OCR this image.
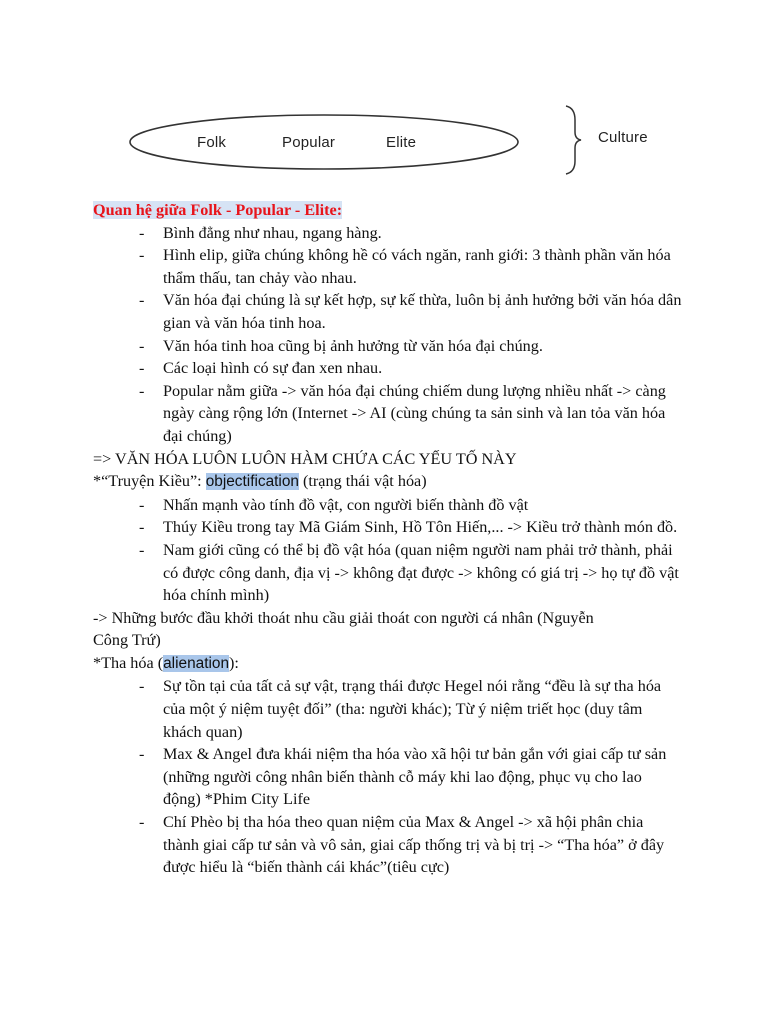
Folk	Popular	Elite	Culture
Quan hệ giữa Folk - Popular - Elite:
- Bình đẳng như nhau, ngang hàng.
- Hình elip, giữa chúng không hề có vách ngăn, ranh giới: 3 thành phần văn hóa thẩm thấu, tan chảy vào nhau.
- Văn hóa đại chúng là sự kết hợp, sự kế thừa, luôn bị ảnh hưởng bởi văn hóa dân gian và văn hóa tinh hoa.
- Văn hóa tinh hoa cũng bị ảnh hưởng từ văn hóa đại chúng.
- Các loại hình có sự đan xen nhau.
- Popular nằm giữa -> văn hóa đại chúng chiếm dung lượng nhiều nhất -> càng ngày càng rộng lớn (Internet -> AI (cùng chúng ta sản sinh và lan tỏa văn hóa đại chúng)
=> VĂN HÓA LUÔN LUÔN HÀM CHỨA CÁC YẾU TỐ NÀY
*“Truyện Kiều”: objectification (trạng thái vật hóa)
- Nhấn mạnh vào tính đồ vật, con người biến thành đồ vật
- Thúy Kiều trong tay Mã Giám Sinh, Hồ Tôn Hiến,... -> Kiều trở thành món đồ.
- Nam giới cũng có thể bị đồ vật hóa (quan niệm người nam phải trở thành, phải có được công danh, địa vị -> không đạt được -> không có giá trị -> họ tự đồ vật hóa chính mình)
-> Những bước đầu khởi thoát nhu cầu giải thoát con người cá nhân (Nguyễn
Công Trứ)
*Tha hóa (alienation):
- Sự tồn tại của tất cả sự vật, trạng thái được Hegel nói rằng “đều là sự tha hóa của một ý niệm tuyệt đối” (tha: người khác); Từ ý niệm triết học (duy tâm khách quan)
- Max & Angel đưa khái niệm tha hóa vào xã hội tư bản gắn với giai cấp tư sản (những người công nhân biến thành cỗ máy khi lao động, phục vụ cho lao động) *Phim City Life
- Chí Phèo bị tha hóa theo quan niệm của Max & Angel -> xã hội phân chia thành giai cấp tư sản và vô sản, giai cấp thống trị và bị trị -> “Tha hóa” ở đây được hiểu là “biến thành cái khác”(tiêu cực)
